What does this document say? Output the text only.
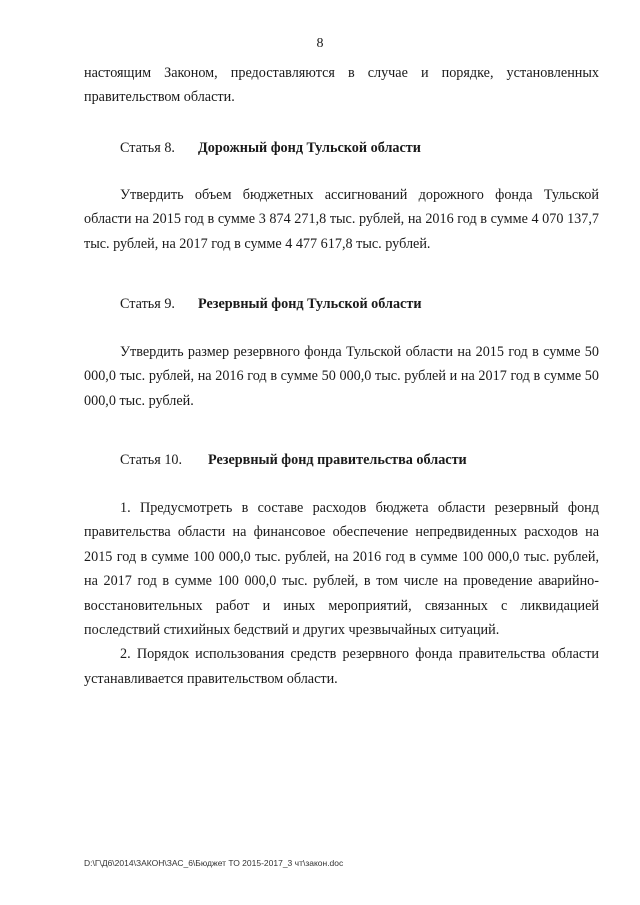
8

настоящим Законом, предоставляются в случае и порядке, установленных правительством области.

Статья 8. Дорожный фонд Тульской области

Утвердить объем бюджетных ассигнований дорожного фонда Тульской области на 2015 год в сумме 3 874 271,8 тыс. рублей, на 2016 год в сумме 4 070 137,7 тыс. рублей, на 2017 год в сумме 4 477 617,8 тыс. рублей.

Статья 9. Резервный фонд Тульской области

Утвердить размер резервного фонда Тульской области на 2015 год в сумме 50 000,0 тыс. рублей, на 2016 год в сумме 50 000,0 тыс. рублей и на 2017 год в сумме 50 000,0 тыс. рублей.

Статья 10. Резервный фонд правительства области

1. Предусмотреть в составе расходов бюджета области резервный фонд правительства области на финансовое обеспечение непредвиденных расходов на 2015 год в сумме 100 000,0 тыс. рублей, на 2016 год в сумме 100 000,0 тыс. рублей, на 2017 год в сумме 100 000,0 тыс. рублей, в том числе на проведение аварийно-восстановительных работ и иных мероприятий, связанных с ликвидацией последствий стихийных бедствий и других чрезвычайных ситуаций.

2. Порядок использования средств резервного фонда правительства области устанавливается правительством области.

D:\Г\Д6\2014\ЗАКОН\ЗАС_6\Бюджет ТО 2015-2017_3 чт\закон.doc
